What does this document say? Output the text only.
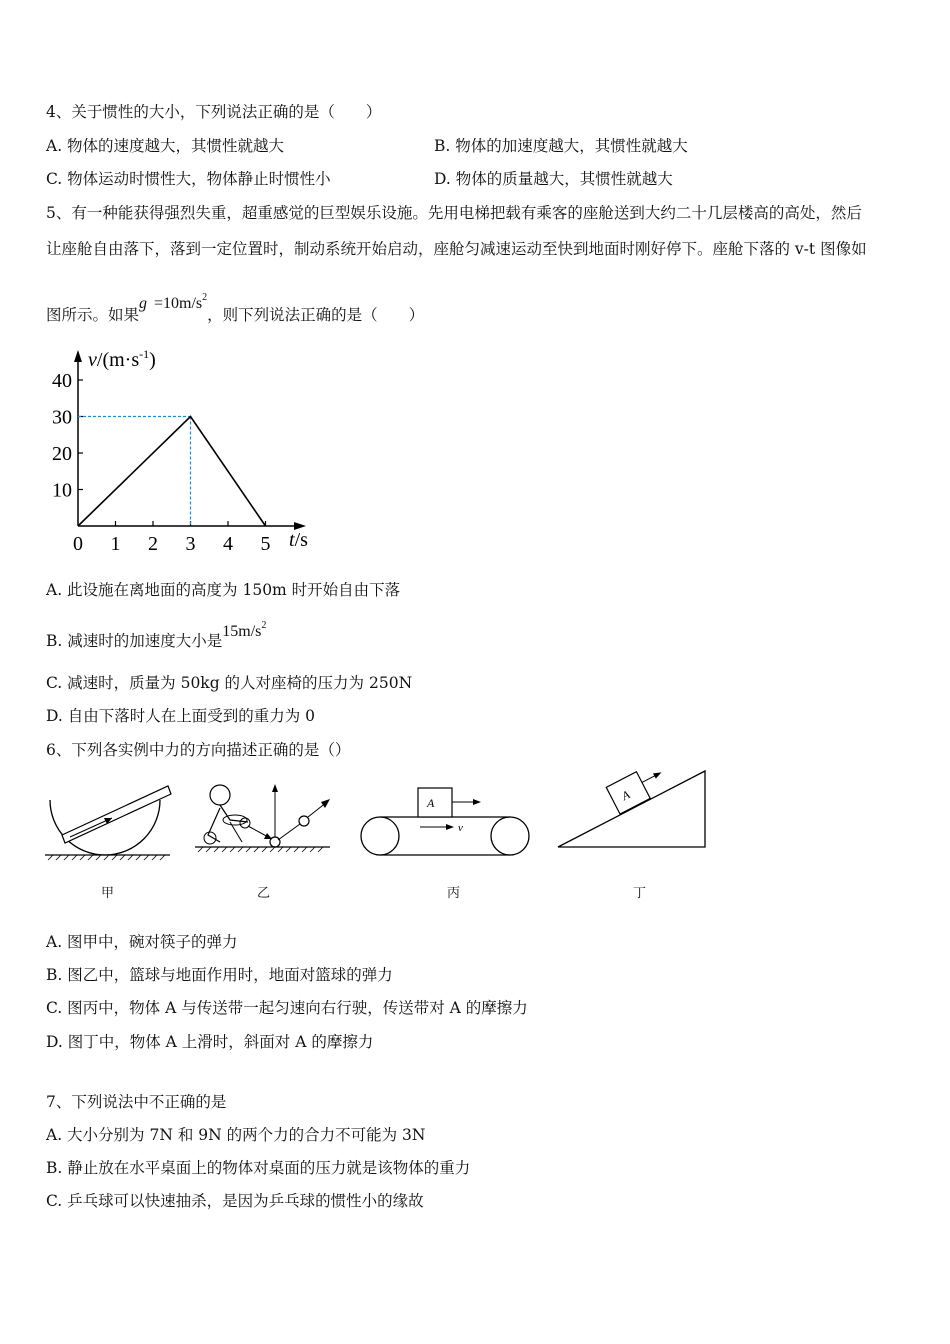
4、关于惯性的大小，下列说法正确的是（　　）
A. 物体的速度越大，其惯性就越大	B. 物体的加速度越大，其惯性就越大
C. 物体运动时惯性大，物体静止时惯性小	D. 物体的质量越大，其惯性就越大
5、有一种能获得强烈失重，超重感觉的巨型娱乐设施。先用电梯把载有乘客的座舱送到大约二十几层楼高的高处，然后
让座舱自由落下，落到一定位置时，制动系统开始启动，座舱匀减速运动至快到地面时刚好停下。座舱下落的 v-t 图像如
图所示。如果$g =10m/s^2$，则下列说法正确的是（　　）
0 1 2 3 4 5
10
20
30
40
$v/(m\cdot s^{-1})$
t/s
A. 此设施在离地面的高度为 150m 时开始自由下落
B. 减速时的加速度大小是$15m/s^2$
C. 减速时，质量为 50kg 的人对座椅的压力为 250N
D. 自由下落时人在上面受到的重力为 0
6、下列各实例中力的方向描述正确的是（）
A
v
A
甲	乙	丙	丁
A. 图甲中，碗对筷子的弹力
B. 图乙中，篮球与地面作用时，地面对篮球的弹力
C. 图丙中，物体 A 与传送带一起匀速向右行驶，传送带对 A 的摩擦力
D. 图丁中，物体 A 上滑时，斜面对 A 的摩擦力
7、下列说法中不正确的是
A. 大小分别为 7N 和 9N 的两个力的合力不可能为 3N
B. 静止放在水平桌面上的物体对桌面的压力就是该物体的重力
C. 乒乓球可以快速抽杀，是因为乒乓球的惯性小的缘故
